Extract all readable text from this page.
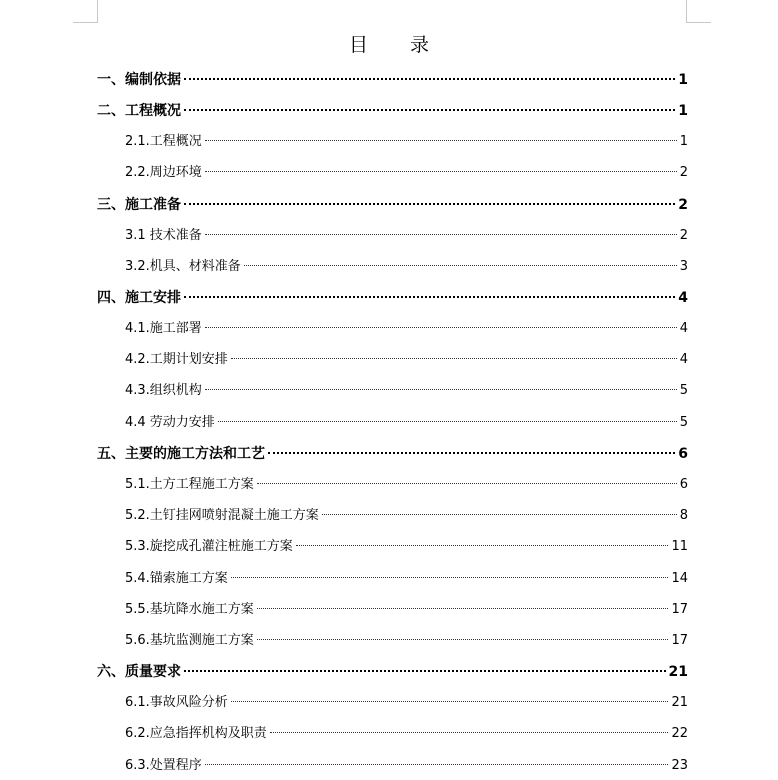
目 录
一、编制依据	1
二、工程概况	1
2.1.工程概况	1
2.2.周边环境	2
三、施工准备	2
3.1 技术准备	2
3.2.机具、材料准备	3
四、施工安排	4
4.1.施工部署	4
4.2.工期计划安排	4
4.3.组织机构	5
4.4 劳动力安排	5
五、主要的施工方法和工艺	6
5.1.土方工程施工方案	6
5.2.土钉挂网喷射混凝土施工方案	8
5.3.旋挖成孔灌注桩施工方案	11
5.4.锚索施工方案	14
5.5.基坑降水施工方案	17
5.6.基坑监测施工方案	17
六、质量要求	21
6.1.事故风险分析	21
6.2.应急指挥机构及职责	22
6.3.处置程序	23
